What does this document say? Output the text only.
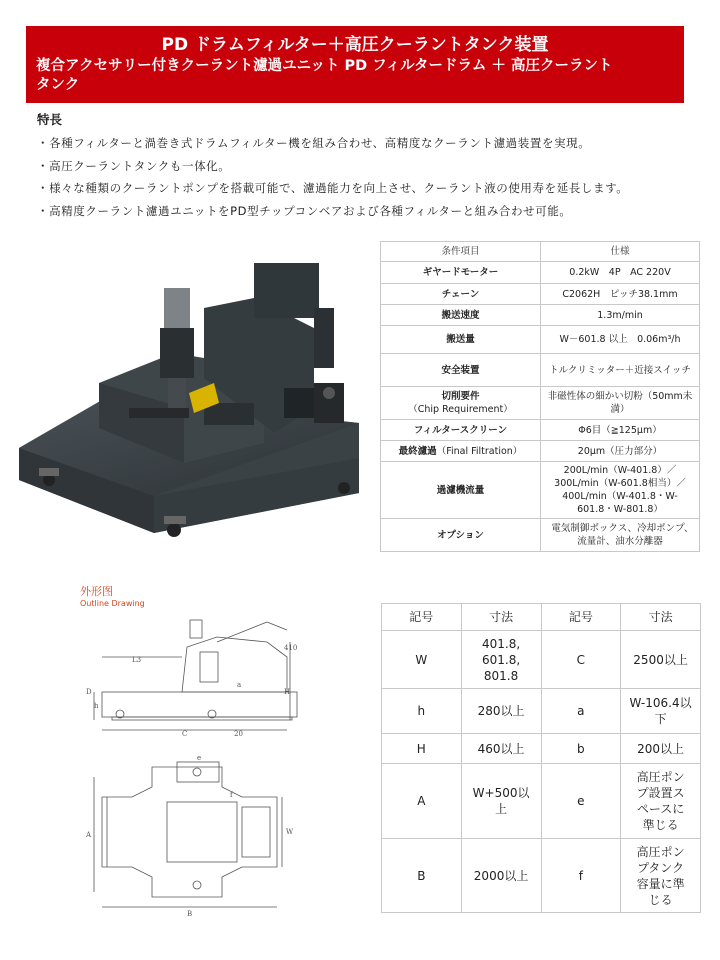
PD ドラムフィルター＋高圧クーラントタンク装置
複合アクセサリー付きクーラント濾過ユニット PD フィルタードラム ＋ 高圧クーラント
タンク
特長
・ 各種フィルターと渦巻き式ドラムフィルター機を組み合わせ、高精度なクーラント濾過装置を実現。
・ 高圧クーラントタンクも一体化。
・ 様々な種類のクーラントポンプを搭載可能で、濾過能力を向上させ、クーラント液の使用寿を延長します。
・ 高精度クーラント濾過ユニットをPD型チップコンベアおよび各種フィルターと組み合わせ可能。
条件項目	仕様
ギヤードモーター	0.2kW　4P　AC 220V
チェーン	C2062H　ピッチ38.1mm
搬送速度	1.3m/min
搬送量	W－601.8 以上　0.06m³/h
安全装置	トルクリミッター＋近接スイッチ

切削要件
（Chip Requirement）	非磁性体の細かい切粉（50mm未満）
フィルタースクリーン	Φ6目（≧125μm）
最終濾過（Final Filtration）	20μm（圧力部分）
過濾機流量	200L/min（W-401.8）／300L/min（W-601.8相当）／400L/min（W-401.8・W-601.8・W-801.8）
オプション	電気制御ボックス、冷却ポンプ、　流量計、油水分離器
外形图
Outline Drawing
L3
D
h
C	20
H
410
a
e
f
A	W
B
記号	寸法	記号	寸法
W	401.8, 601.8, 801.8	C	2500以上
h	280以上	a	W-106.4以下
H	460以上	b	200以上
A	W+500以上	e	高圧ポンプ設置スペースに準じる
B	2000以上	f	高圧ポンプタンク容量に準じる
